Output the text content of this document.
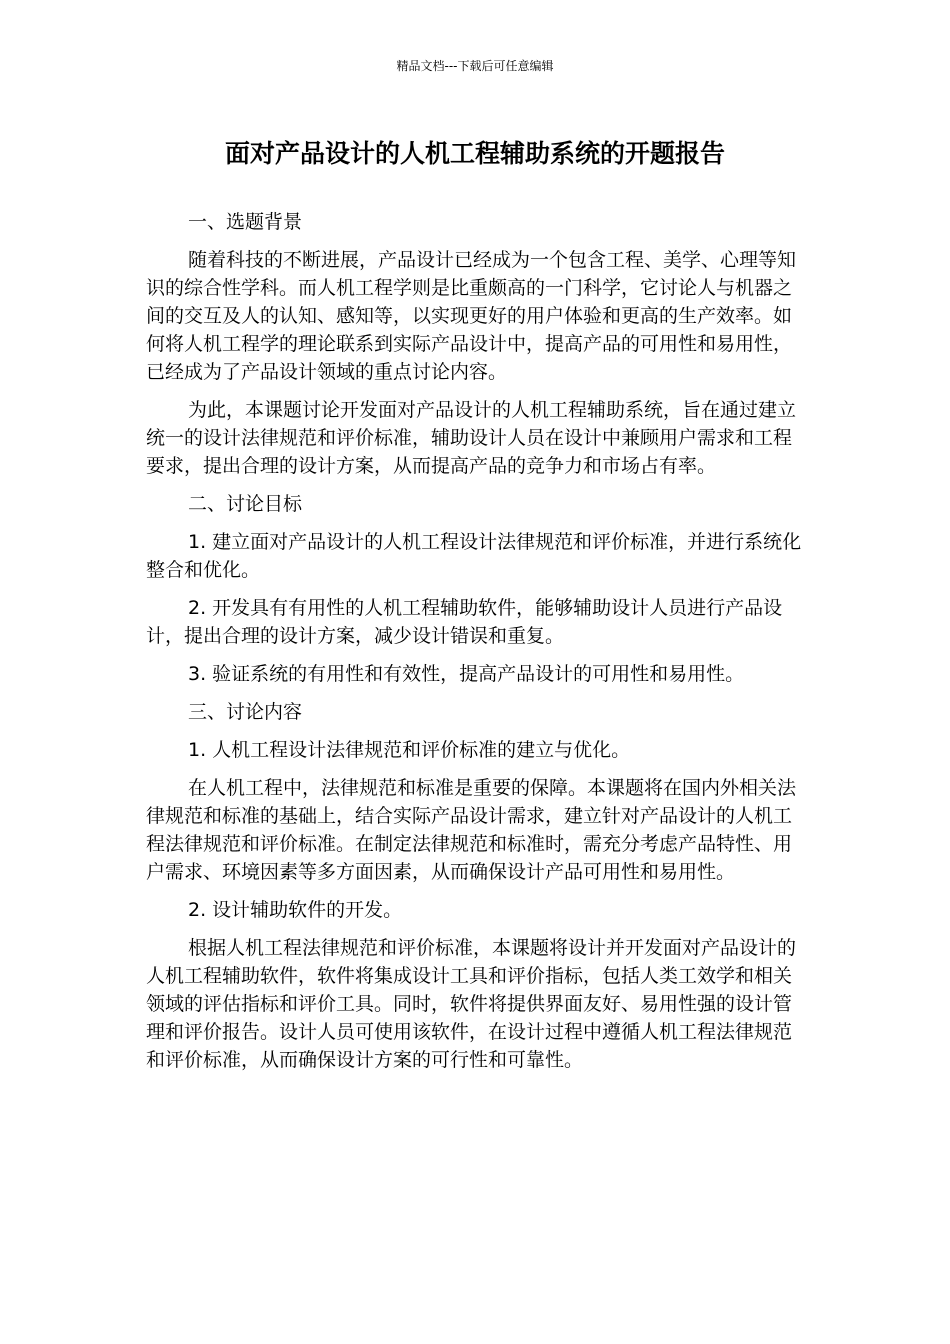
精品文档---下载后可任意编辑
面对产品设计的人机工程辅助系统的开题报告

一、选题背景

随着科技的不断进展，产品设计已经成为一个包含工程、美学、心理等知识的综合性学科。而人机工程学则是比重颇高的一门科学，它讨论人与机器之间的交互及人的认知、感知等，以实现更好的用户体验和更高的生产效率。如何将人机工程学的理论联系到实际产品设计中，提高产品的可用性和易用性，已经成为了产品设计领域的重点讨论内容。

为此，本课题讨论开发面对产品设计的人机工程辅助系统，旨在通过建立统一的设计法律规范和评价标准，辅助设计人员在设计中兼顾用户需求和工程要求，提出合理的设计方案，从而提高产品的竞争力和市场占有率。

二、讨论目标

1. 建立面对产品设计的人机工程设计法律规范和评价标准，并进行系统化整合和优化。

2. 开发具有有用性的人机工程辅助软件，能够辅助设计人员进行产品设计，提出合理的设计方案，减少设计错误和重复。

3. 验证系统的有用性和有效性，提高产品设计的可用性和易用性。

三、讨论内容

1. 人机工程设计法律规范和评价标准的建立与优化。

在人机工程中，法律规范和标准是重要的保障。本课题将在国内外相关法律规范和标准的基础上，结合实际产品设计需求，建立针对产品设计的人机工程法律规范和评价标准。在制定法律规范和标准时，需充分考虑产品特性、用户需求、环境因素等多方面因素，从而确保设计产品可用性和易用性。

2. 设计辅助软件的开发。

根据人机工程法律规范和评价标准，本课题将设计并开发面对产品设计的人机工程辅助软件，软件将集成设计工具和评价指标，包括人类工效学和相关领域的评估指标和评价工具。同时，软件将提供界面友好、易用性强的设计管理和评价报告。设计人员可使用该软件，在设计过程中遵循人机工程法律规范和评价标准，从而确保设计方案的可行性和可靠性。
